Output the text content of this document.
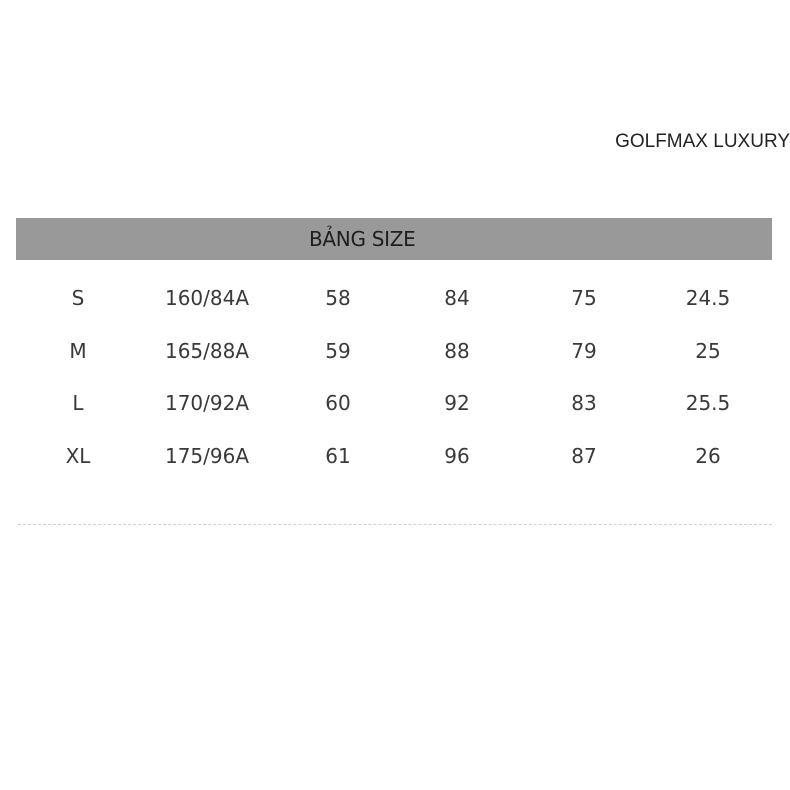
GOLFMAX LUXURY
BẢNG SIZE
S	160/84A	58	84	75	24.5
M	165/88A	59	88	79	25
L	170/92A	60	92	83	25.5
XL	175/96A	61	96	87	26
